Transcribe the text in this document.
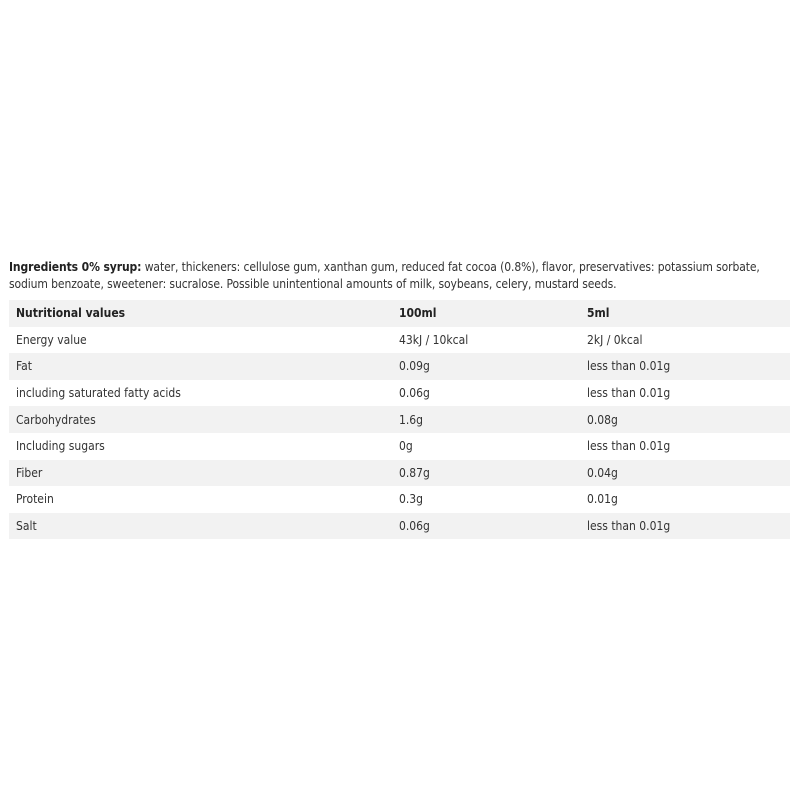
Ingredients 0% syrup: water, thickeners: cellulose gum, xanthan gum, reduced fat cocoa (0.8%), flavor, preservatives: potassium sorbate, sodium benzoate, sweetener: sucralose. Possible unintentional amounts of milk, soybeans, celery, mustard seeds.

Nutritional values	100ml	5ml
Energy value	43kJ / 10kcal	2kJ / 0kcal
Fat	0.09g	less than 0.01g
including saturated fatty acids	0.06g	less than 0.01g
Carbohydrates	1.6g	0.08g
Including sugars	0g	less than 0.01g
Fiber	0.87g	0.04g
Protein	0.3g	0.01g
Salt	0.06g	less than 0.01g
